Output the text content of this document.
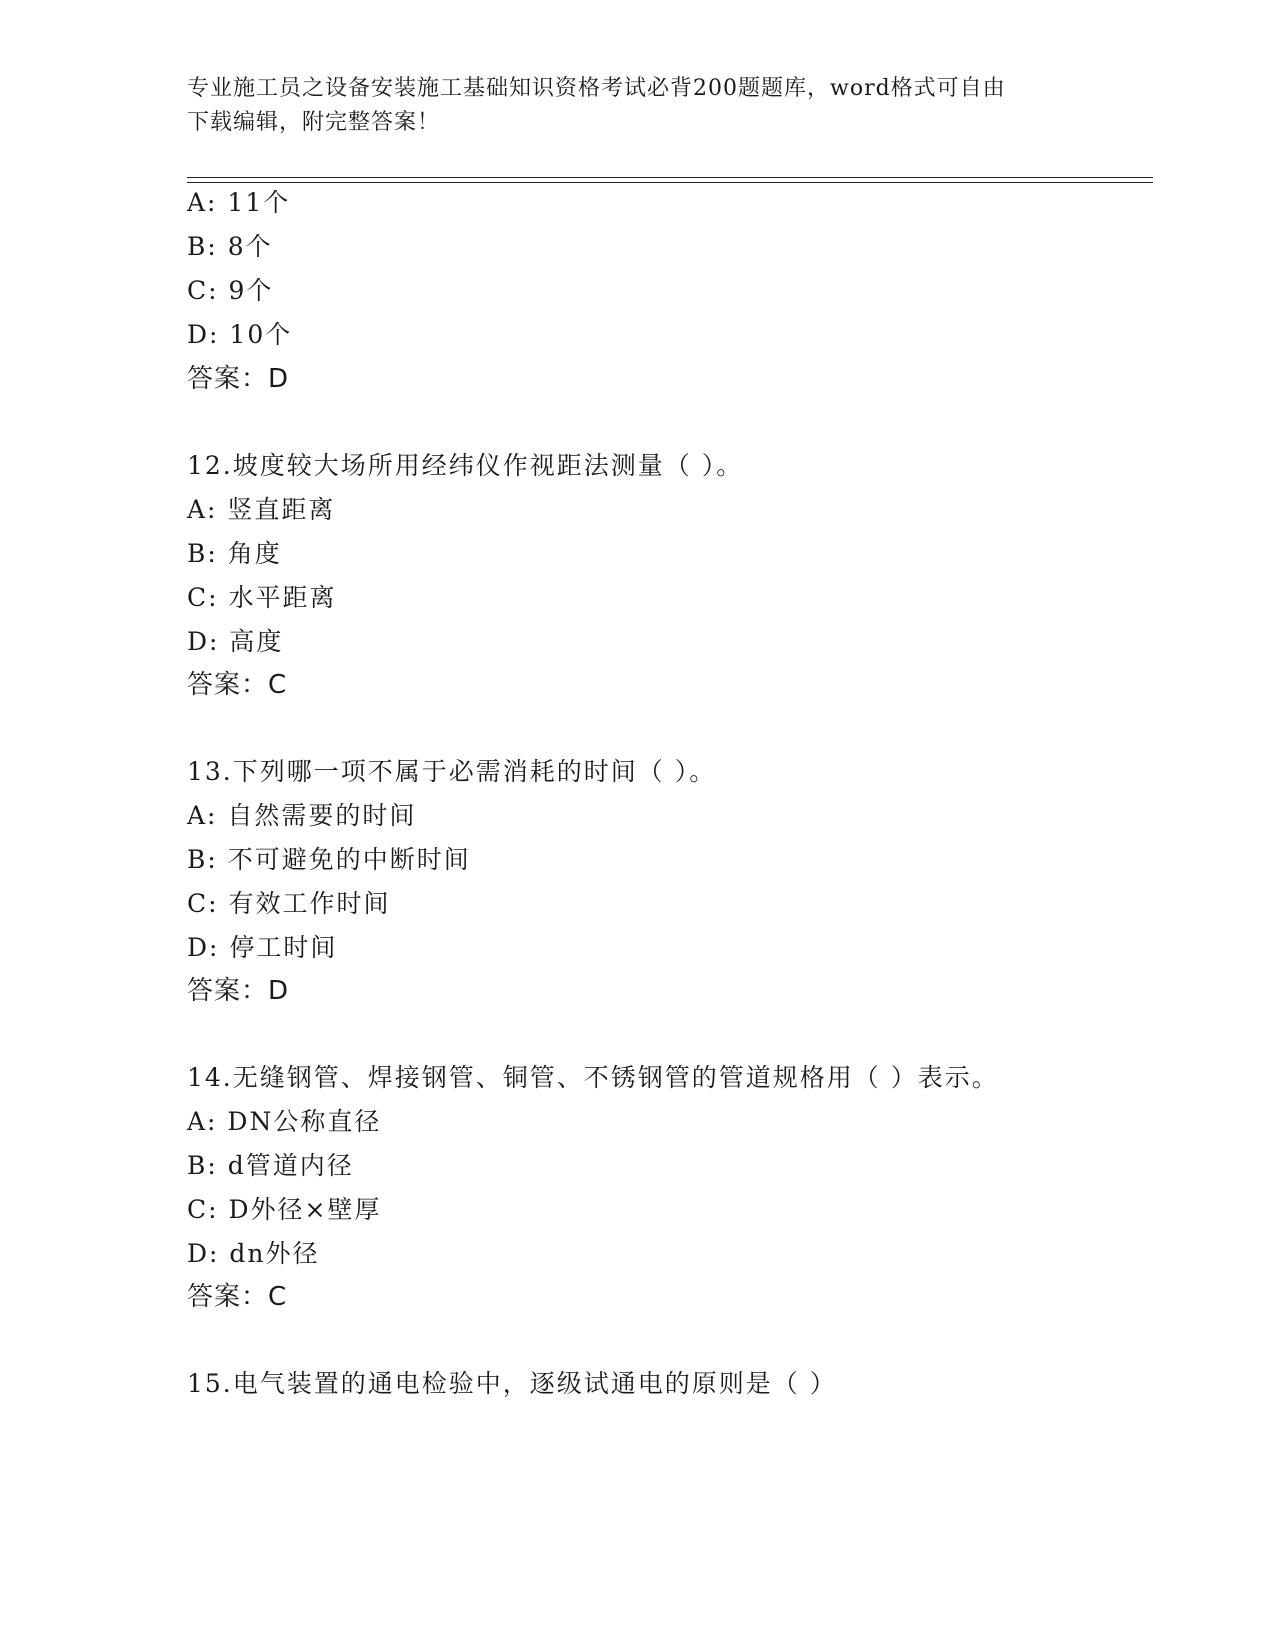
专业施工员之设备安装施工基础知识资格考试必背200题题库，word格式可自由
下载编辑，附完整答案！
A: 11个
B: 8个
C: 9个
D: 10个
答案：D
12.坡度较大场所用经纬仪作视距法测量（ ）。
A: 竖直距离
B: 角度
C: 水平距离
D: 高度
答案：C
13.下列哪一项不属于必需消耗的时间（ ）。
A: 自然需要的时间
B: 不可避免的中断时间
C: 有效工作时间
D: 停工时间
答案：D
14.无缝钢管、焊接钢管、铜管、不锈钢管的管道规格用（ ）表示。
A: DN公称直径
B: d管道内径
C: D外径×壁厚
D: dn外径
答案：C
15.电气装置的通电检验中，逐级试通电的原则是（ ）
